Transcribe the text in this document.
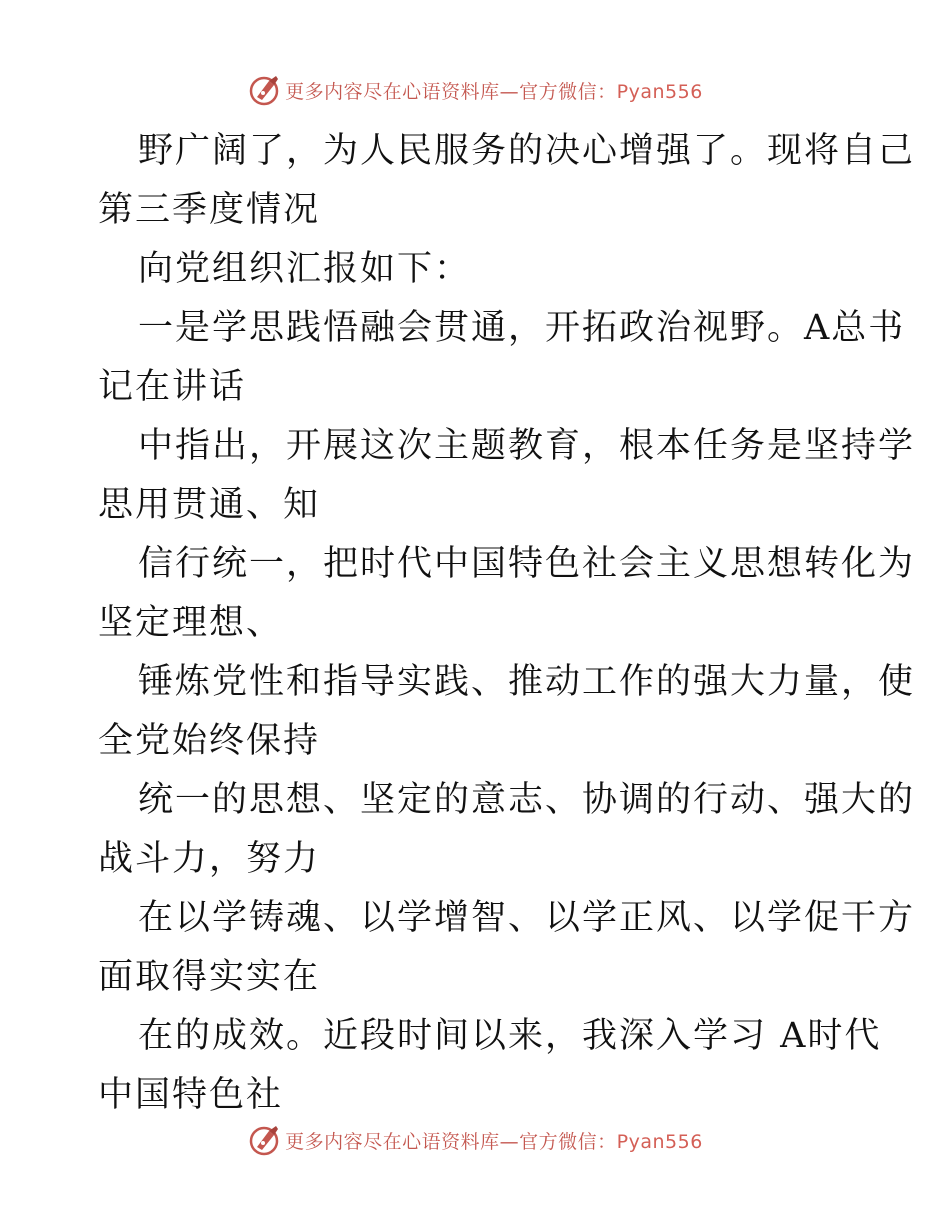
更多内容尽在心语资料库—官方微信：Pyan556

野广阔了，为人民服务的决心增强了。现将自己
第三季度情况

向党组织汇报如下：

一是学思践悟融会贯通，开拓政治视野。A总书
记在讲话

中指出，开展这次主题教育，根本任务是坚持学
思用贯通、知

信行统一，把时代中国特色社会主义思想转化为
坚定理想、

锤炼党性和指导实践、推动工作的强大力量，使
全党始终保持

统一的思想、坚定的意志、协调的行动、强大的
战斗力，努力

在以学铸魂、以学增智、以学正风、以学促干方
面取得实实在

在的成效。近段时间以来，我深入学习 A时代
中国特色社

更多内容尽在心语资料库—官方微信：Pyan556
